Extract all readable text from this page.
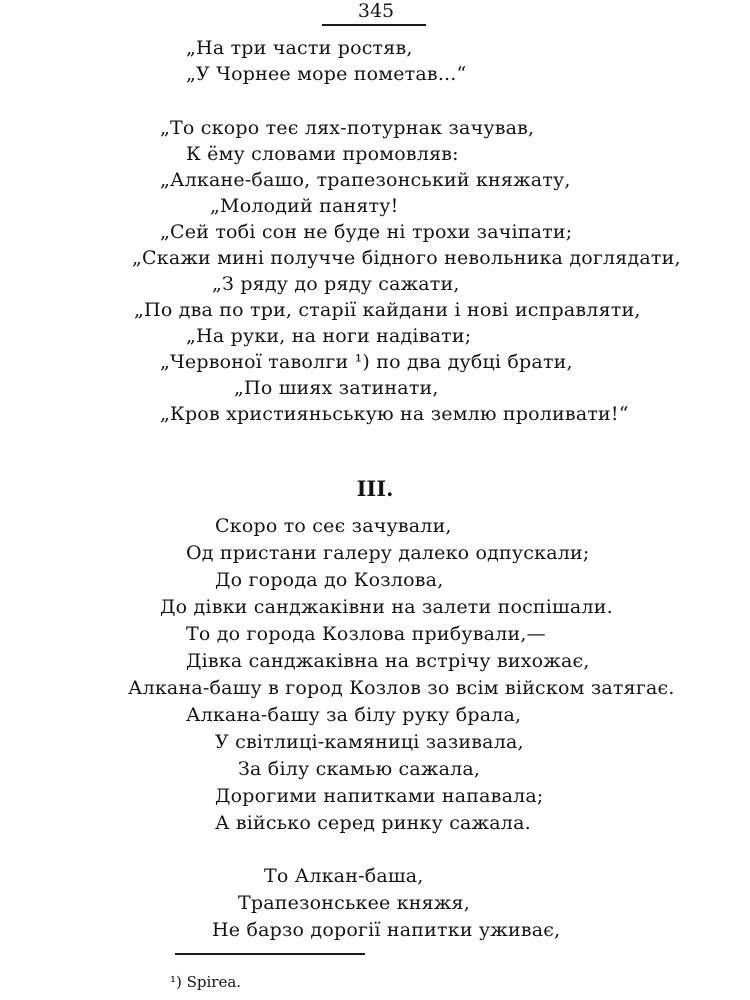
345
„На три части ростяв,
„У Чорнее море пометав...“
„То скоро теє лях-потурнак зачував,
К ёму словами промовляв:
„Алкане-башо, трапезонський княжату,
„Молодий паняту!
„Сей тобі сон не буде ні трохи зачіпати;
„Скажи мині получче бідного невольника доглядати,
„З ряду до ряду сажати,
„По два по три, старії кайдани і нові исправляти,
„На руки, на ноги надівати;
„Червоної таволги ¹) по два дубці брати,
„По шиях затинати,
„Кров християньськую на землю проливати!“
III.
Скоро то сеє зачували,
Од пристани галеру далеко одпускали;
До города до Козлова,
До дівки санджаківни на залети поспішали.
То до города Козлова прибували,—
Дівка санджаківна на встрічу вихожає,
Алкана-башу в город Козлов зо всім війском затягає.
Алкана-башу за білу руку брала,
У світлиці-камяниці зазивала,
За білу скамью сажала,
Дорогими напитками напавала;
А військо серед ринку сажала.
То Алкан-баша,
Трапезонськее княжя,
Не барзо дорогії напитки уживає,
¹) Spirea.
